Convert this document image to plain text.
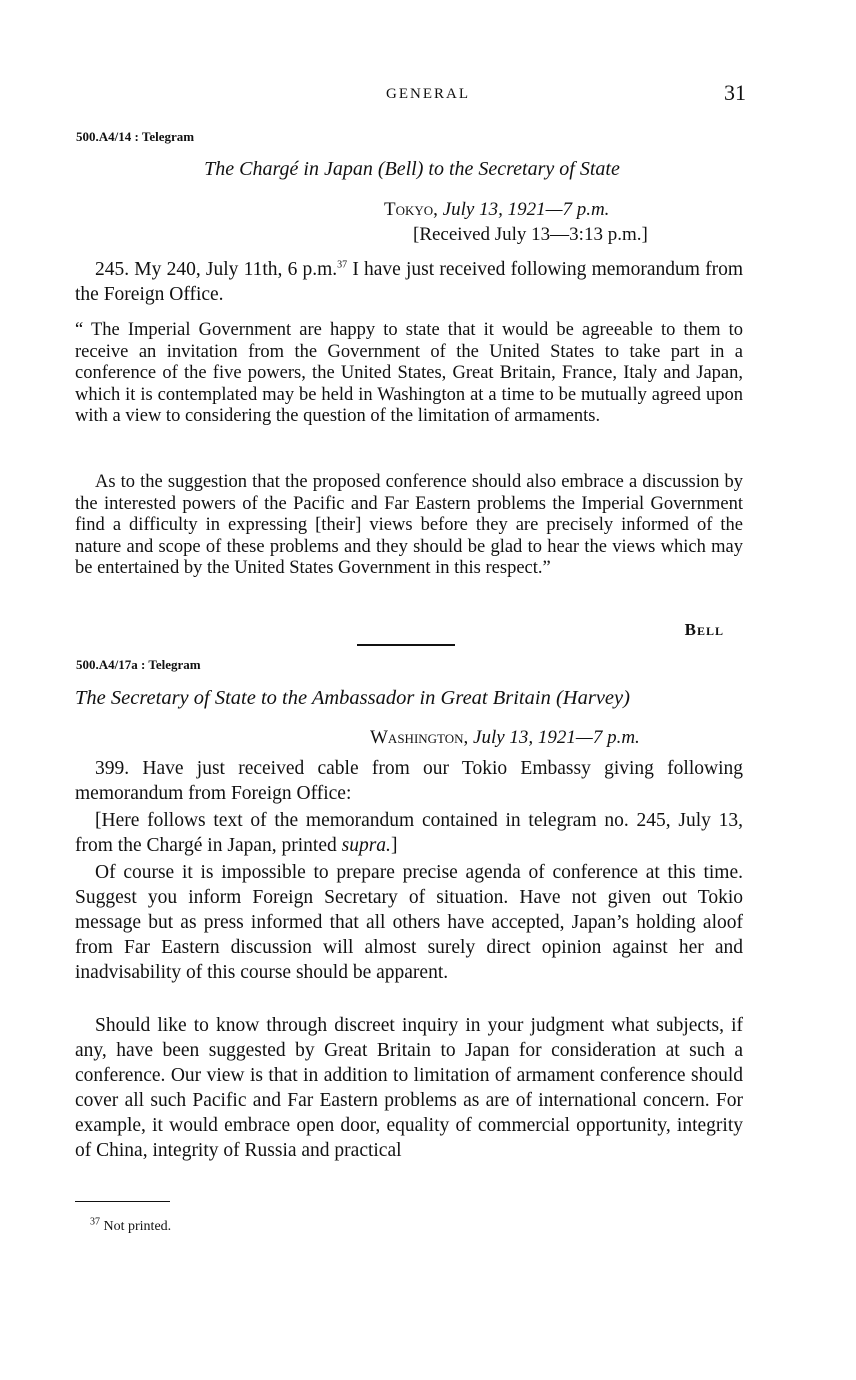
GENERAL	31
500.A4/14 : Telegram
The Chargé in Japan (Bell) to the Secretary of State
Tokyo, July 13, 1921—7 p.m.
[Received July 13—3:13 p.m.]
245. My 240, July 11th, 6 p.m.$^{37}$ I have just received following memorandum from the Foreign Office.
“ The Imperial Government are happy to state that it would be agreeable to them to receive an invitation from the Government of the United States to take part in a conference of the five powers, the United States, Great Britain, France, Italy and Japan, which it is contemplated may be held in Washington at a time to be mutually agreed upon with a view to considering the question of the limitation of armaments.
As to the suggestion that the proposed conference should also embrace a discussion by the interested powers of the Pacific and Far Eastern problems the Imperial Government find a difficulty in expressing [their] views before they are precisely informed of the nature and scope of these problems and they should be glad to hear the views which may be entertained by the United States Government in this respect.”
Bell
500.A4/17a : Telegram
The Secretary of State to the Ambassador in Great Britain (Harvey)
Washington, July 13, 1921—7 p.m.
399. Have just received cable from our Tokio Embassy giving following memorandum from Foreign Office:
[Here follows text of the memorandum contained in telegram no. 245, July 13, from the Chargé in Japan, printed supra.]
Of course it is impossible to prepare precise agenda of conference at this time. Suggest you inform Foreign Secretary of situation. Have not given out Tokio message but as press informed that all others have accepted, Japan’s holding aloof from Far Eastern discussion will almost surely direct opinion against her and inadvisability of this course should be apparent.
Should like to know through discreet inquiry in your judgment what subjects, if any, have been suggested by Great Britain to Japan for consideration at such a conference. Our view is that in addition to limitation of armament conference should cover all such Pacific and Far Eastern problems as are of international concern. For example, it would embrace open door, equality of commercial opportunity, integrity of China, integrity of Russia and practical
$^{37}$ Not printed.
